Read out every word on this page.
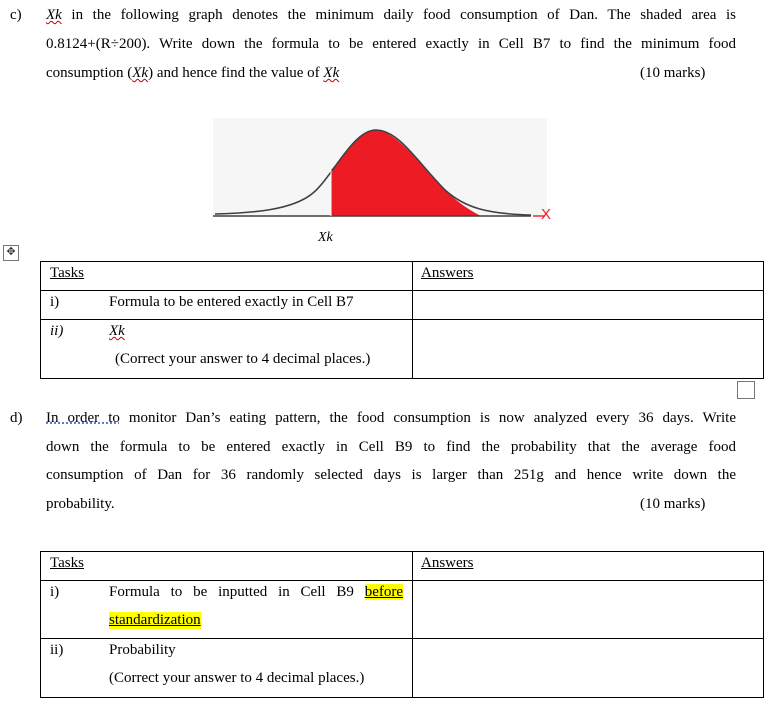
c) Xk in the following graph denotes the minimum daily food consumption of Dan. The shaded area is
0.8124+(R÷200). Write down the formula to be entered exactly in Cell B7 to find the minimum food
consumption (Xk) and hence find the value of Xk	(10 marks)
X
Xk
✥
Tasks	Answers

i) Formula to be entered exactly in Cell B7	

ii) Xk
(Correct your answer to 4 decimal places.)	

d) In order to monitor Dan’s eating pattern, the food consumption is now analyzed every 36 days. Write
down the formula to be entered exactly in Cell B9 to find the probability that the average food
consumption of Dan for 36 randomly selected days is larger than 251g and hence write down the
probability.	(10 marks)
Tasks	Answers

i) Formula to be inputted in Cell B9 before
standardization	

ii) Probability
(Correct your answer to 4 decimal places.)	
